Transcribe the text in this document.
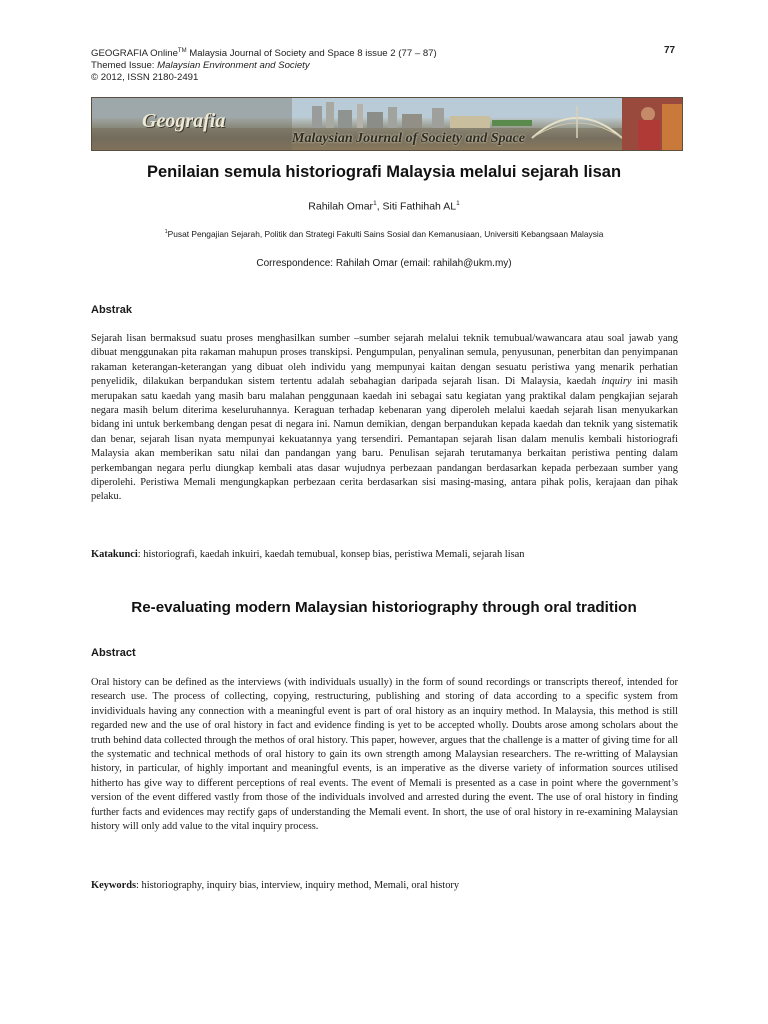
GEOGRAFIA Online™ Malaysia Journal of Society and Space 8 issue 2 (77 – 87)
Themed Issue: Malaysian Environment and Society
© 2012, ISSN 2180-2491
77
Geografia
Malaysian Journal of Society and Space
Penilaian semula historiografi Malaysia melalui sejarah lisan
Rahilah Omar$^1$, Siti Fathihah $AL^1$
$^1$Pusat Pengajian Sejarah, Politik dan Strategi Fakulti Sains Sosial dan Kemanusiaan, Universiti Kebangsaan Malaysia
Correspondence: Rahilah Omar (email: rahilah@ukm.my)
Abstrak
Sejarah lisan bermaksud suatu proses menghasilkan sumber –sumber sejarah melalui teknik temubual/wawancara atau soal jawab yang dibuat menggunakan pita rakaman mahupun proses transkipsi. Pengumpulan, penyalinan semula, penyusunan, penerbitan dan penyimpanan rakaman keterangan-keterangan yang dibuat oleh individu yang mempunyai kaitan dengan sesuatu peristiwa yang menarik perhatian penyelidik, dilakukan berpandukan sistem tertentu adalah sebahagian daripada sejarah lisan. Di Malaysia, kaedah inquiry ini masih merupakan satu kaedah yang masih baru malahan penggunaan kaedah ini sebagai satu kegiatan yang praktikal dalam pengkajian sejarah negara masih belum diterima keseluruhannya. Keraguan terhadap kebenaran yang diperoleh melalui kaedah sejarah lisan menyukarkan bidang ini untuk berkembang dengan pesat di negara ini. Namun demikian, dengan berpandukan kepada kaedah dan teknik yang sistematik dan benar, sejarah lisan nyata mempunyai kekuatannya yang tersendiri. Pemantapan sejarah lisan dalam menulis kembali historiografi Malaysia akan memberikan satu nilai dan pandangan yang baru. Penulisan sejarah terutamanya berkaitan peristiwa penting dalam perkembangan negara perlu diungkap kembali atas dasar wujudnya perbezaan pandangan berdasarkan kepada perbezaan sumber yang diperolehi. Peristiwa Memali mengungkapkan perbezaan cerita berdasarkan sisi masing-masing, antara pihak polis, kerajaan dan pihak pelaku.
Katakunci: historiografi, kaedah inkuiri, kaedah temubual, konsep bias, peristiwa Memali, sejarah lisan
Re-evaluating modern Malaysian historiography through oral tradition
Abstract
Oral history can be defined as the interviews (with individuals usually) in the form of sound recordings or transcripts thereof, intended for research use. The process of collecting, copying, restructuring, publishing and storing of data according to a specific system from invidividuals having any connection with a meaningful event is part of oral history as an inquiry method. In Malaysia, this method is still regarded new and the use of oral history in fact and evidence finding is yet to be accepted wholly. Doubts arose among scholars about the truth behind data collected through the methos of oral history. This paper, however, argues that the challenge is a matter of giving time for all the systematic and technical methods of oral history to gain its own strength among Malaysian researchers. The re-writting of Malaysian history, in particular, of highly important and meaningful events, is an imperative as the diverse variety of information sources utilised hitherto has give way to different perceptions of real events. The event of Memali is presented as a case in point where the government’s version of the event differed vastly from those of the individuals involved and arrested during the event. The use of oral history in finding further facts and evidences may rectify gaps of understanding the Memali event. In short, the use of oral history in re-examining Malaysian history will only add value to the vital inquiry process.
Keywords: historiography, inquiry bias, interview, inquiry method, Memali, oral history
